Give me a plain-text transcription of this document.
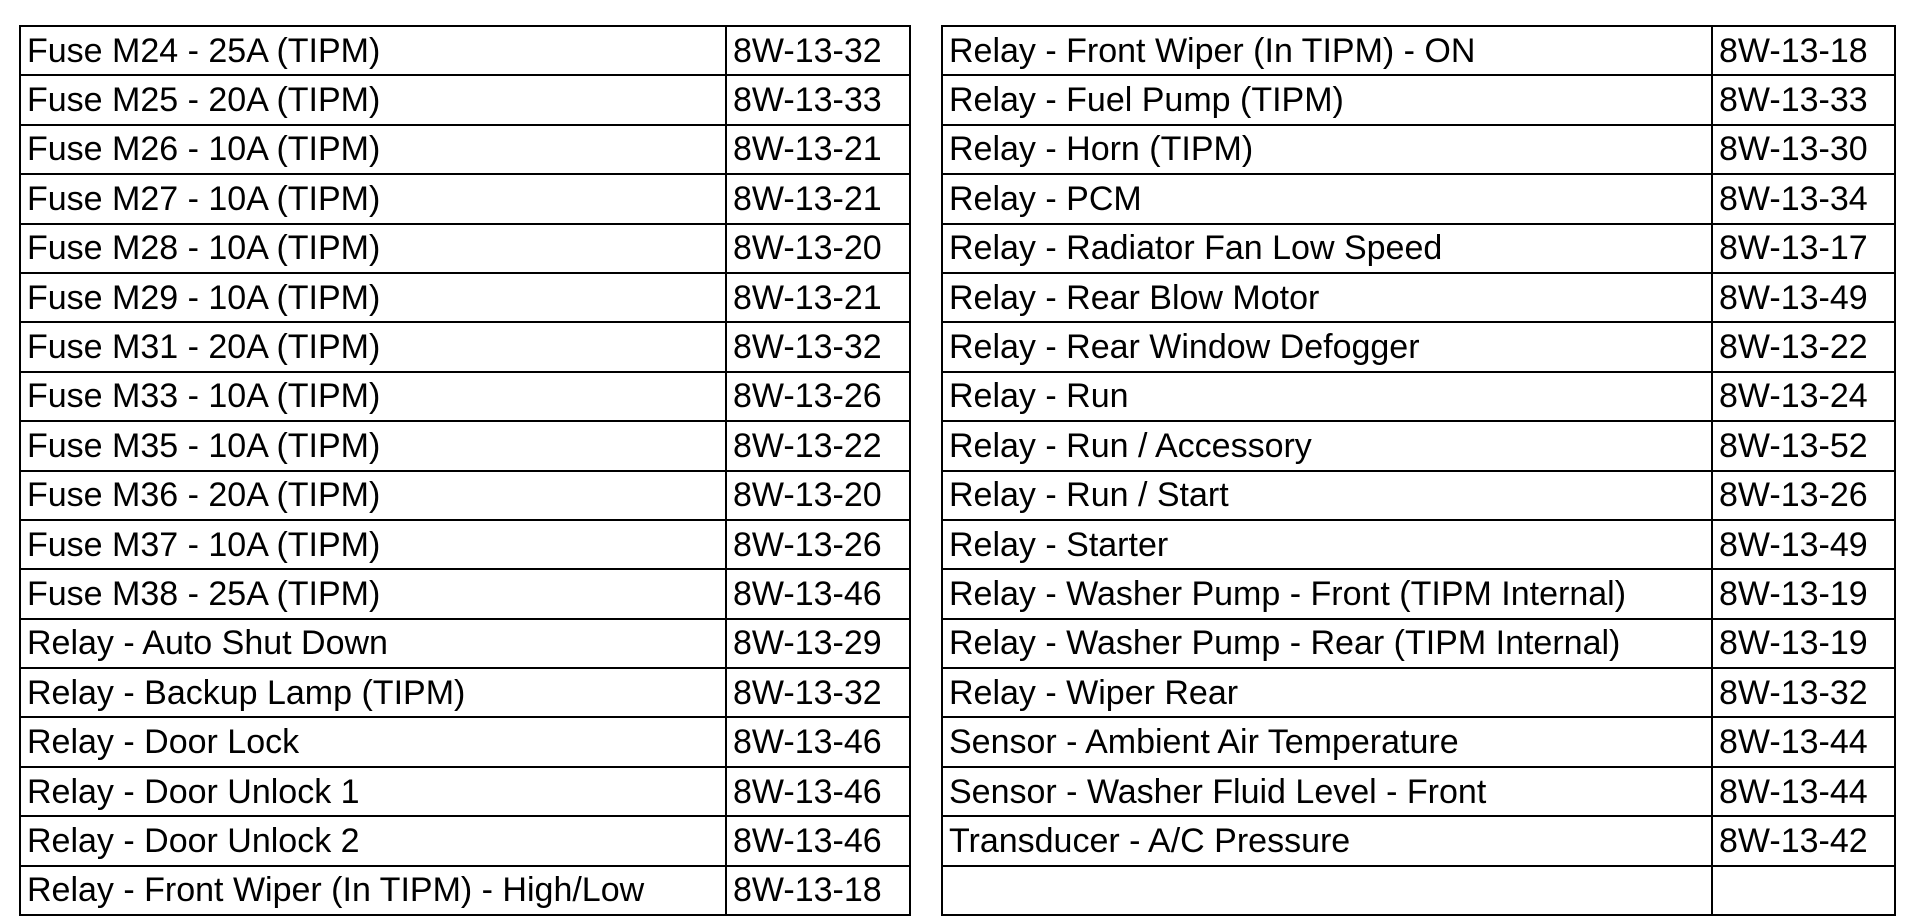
Fuse M24 - 25A (TIPM)	8W-13-32
Fuse M25 - 20A (TIPM)	8W-13-33
Fuse M26 - 10A (TIPM)	8W-13-21
Fuse M27 - 10A (TIPM)	8W-13-21
Fuse M28 - 10A (TIPM)	8W-13-20
Fuse M29 - 10A (TIPM)	8W-13-21
Fuse M31 - 20A (TIPM)	8W-13-32
Fuse M33 - 10A (TIPM)	8W-13-26
Fuse M35 - 10A (TIPM)	8W-13-22
Fuse M36 - 20A (TIPM)	8W-13-20
Fuse M37 - 10A (TIPM)	8W-13-26
Fuse M38 - 25A (TIPM)	8W-13-46
Relay - Auto Shut Down	8W-13-29
Relay - Backup Lamp (TIPM)	8W-13-32
Relay - Door Lock	8W-13-46
Relay - Door Unlock 1	8W-13-46
Relay - Door Unlock 2	8W-13-46
Relay - Front Wiper (In TIPM) - High/Low	8W-13-18
Relay - Front Wiper (In TIPM) - ON	8W-13-18
Relay - Fuel Pump (TIPM)	8W-13-33
Relay - Horn (TIPM)	8W-13-30
Relay - PCM	8W-13-34
Relay - Radiator Fan Low Speed	8W-13-17
Relay - Rear Blow Motor	8W-13-49
Relay - Rear Window Defogger	8W-13-22
Relay - Run	8W-13-24
Relay - Run / Accessory	8W-13-52
Relay - Run / Start	8W-13-26
Relay - Starter	8W-13-49
Relay - Washer Pump - Front (TIPM Internal)	8W-13-19
Relay - Washer Pump - Rear (TIPM Internal)	8W-13-19
Relay - Wiper Rear	8W-13-32
Sensor - Ambient Air Temperature	8W-13-44
Sensor - Washer Fluid Level - Front	8W-13-44
Transducer - A/C Pressure	8W-13-42
